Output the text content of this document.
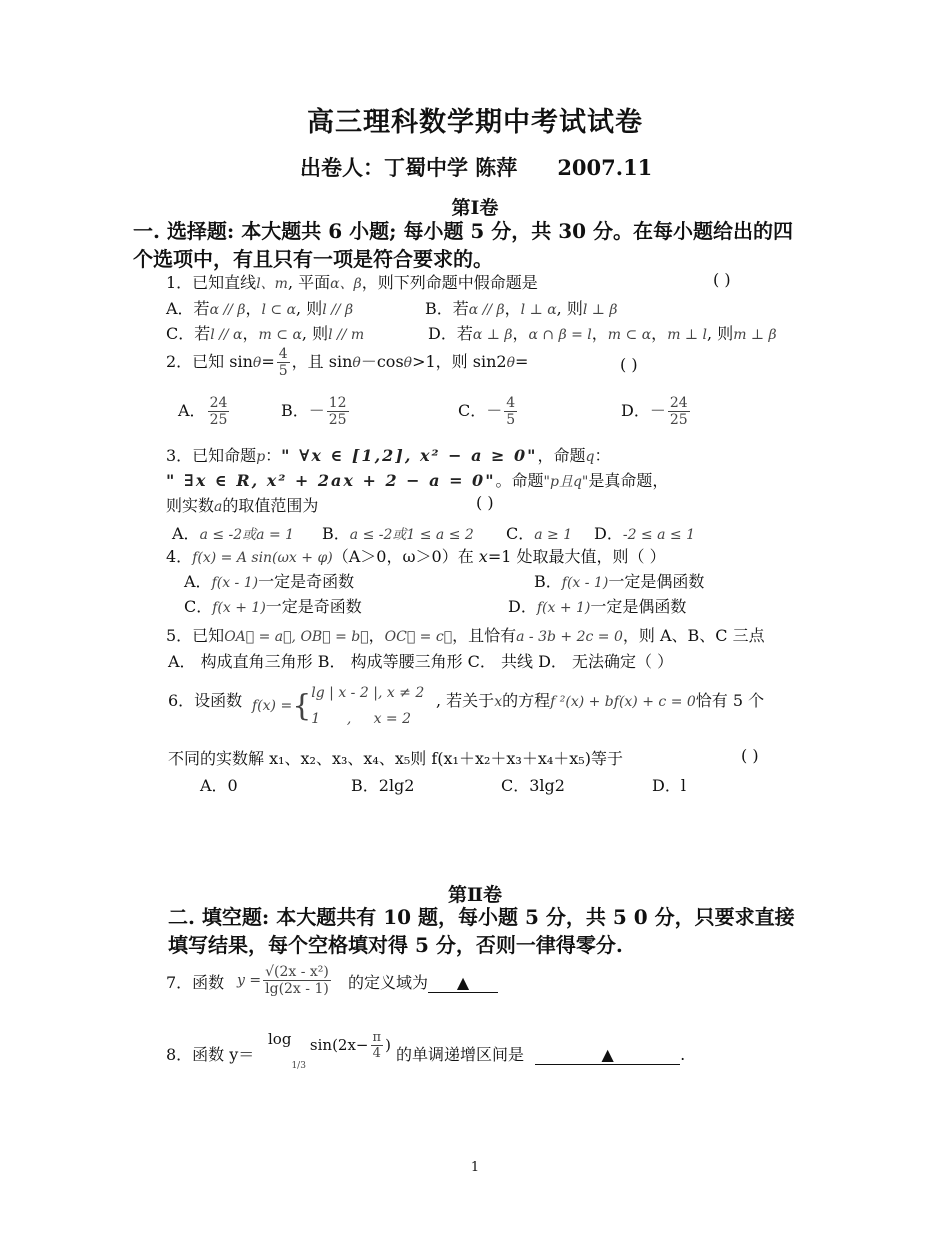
高三理科数学期中考试试卷
出卷人：丁蜀中学 陈萍 2007.11
第Ⅰ卷
一. 选择题: 本大题共 6 小题; 每小题 5 分，共 30 分。在每小题给出的四个选项中，有且只有一项是符合要求的。
1．已知直线l、m, 平面α、β，则下列命题中假命题是	( )
A．若α // β，l ⊂ α, 则l // β	B．若α // β，l ⊥ α, 则l ⊥ β
C．若l // α，m ⊂ α, 则l // m	D．若α ⊥ β，α ∩ β = l，m ⊂ α，m ⊥ l, 则m ⊥ β
2．已知 $\sin\theta= \frac{4}{5}$ ，且 sinθ－cosθ>1，则 sin2θ=	( )
A． $\frac{24}{25}$	B．－ $\frac{12}{25}$	C．－ $\frac{4}{5}$	D．－ $\frac{24}{25}$
3．已知命题p：" ∀x ∈ [1,2], x² − a ≥ 0"，命题q：
" ∃x ∈ R, x² + 2ax + 2 − a = 0"。命题"p且q"是真命题，
则实数a的取值范围为	( )
A．a ≤ -2或a = 1 B．a ≤ -2或1 ≤ a ≤ 2 C．a ≥ 1 D．-2 ≤ a ≤ 1
4．f(x) = A sin(ωx + φ)（A＞0，ω＞0）在 x=1 处取最大值，则（ ）
A．f(x - 1)一定是奇函数	B．f(x - 1)一定是偶函数
C．f(x + 1)一定是奇函数	D．f(x + 1)一定是偶函数
5．已知OA⃗ = a⃗, OB⃗ = b⃗，OC⃗ = c⃗，且恰有a - 3b + 2c = 0，则 A、B、C 三点
A． 构成直角三角形 B． 构成等腰三角形 C． 共线 D． 无法确定（ ）
6．设函数 f(x) ={ lg | x - 2 |, x ≠ 2
1      ,     x = 2
, 若关于x的方程f ²(x) + bf(x) + c = 0恰有 5 个
不同的实数解 x₁、x₂、x₃、x₄、x₅则 f(x₁＋x₂＋x₃＋x₄＋x₅)等于	( )
A．0	B．2lg2	C．3lg2	D．l
第Ⅱ卷
二. 填空题: 本大题共有 10 题，每小题 5 分，共 5 0 分，只要求直接填写结果，每个空格填对得 5 分，否则一律得零分.
7．函数 $y = \frac{\text{√(2x - x²)}}{\lg(2x - 1)}$ 的定义域为 ▲
8．函数 y＝
$\log_{1/3}\sin(2x- \frac{\pi}{4}$ ) 的单调递增区间是	▲	.
1
